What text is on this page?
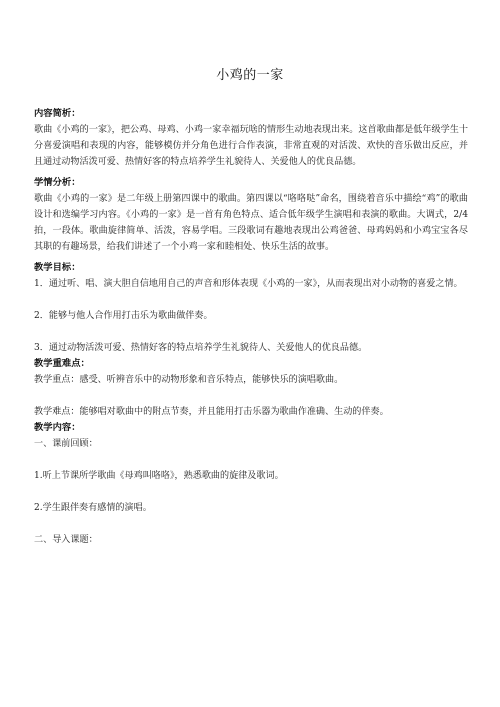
小鸡的一家

内容简析：

歌曲《小鸡的一家》，把公鸡、母鸡、小鸡一家幸福玩啥的情形生动地表现出来。这首歌曲都是低年级学生十分喜爱演唱和表现的内容，能够模仿并分角色进行合作表演，非常直观的对活泼、欢快的音乐做出反应，并且通过动物活泼可爱、热情好客的特点培养学生礼貌待人、关爱他人的优良品德。

学情分析：

歌曲《小鸡的一家》是二年级上册第四课中的歌曲。第四课以“咯咯哒”命名，围绕着音乐中描绘“鸡”的歌曲设计和选编学习内容。《小鸡的一家》是一首有角色特点、适合低年级学生演唱和表演的歌曲。大调式，2/4 拍，一段体。歌曲旋律简单、活泼，容易学唱。三段歌词有趣地表现出公鸡爸爸、母鸡妈妈和小鸡宝宝各尽其职的有趣场景，给我们讲述了一个小鸡一家和睦相处、快乐生活的故事。

教学目标：

1．通过听、唱、演大胆自信地用自己的声音和形体表现《小鸡的一家》，从而表现出对小动物的喜爱之情。

2．能够与他人合作用打击乐为歌曲做伴奏。

3．通过动物活泼可爱、热情好客的特点培养学生礼貌待人、关爱他人的优良品德。

教学重难点：

教学重点：感受、听辨音乐中的动物形象和音乐特点，能够快乐的演唱歌曲。

教学难点：能够唱对歌曲中的附点节奏，并且能用打击乐器为歌曲作准确、生动的伴奏。

教学内容：

一、课前回顾：

1.听上节课所学歌曲《母鸡叫咯咯》，熟悉歌曲的旋律及歌词。

2.学生跟伴奏有感情的演唱。

二、导入课题：
